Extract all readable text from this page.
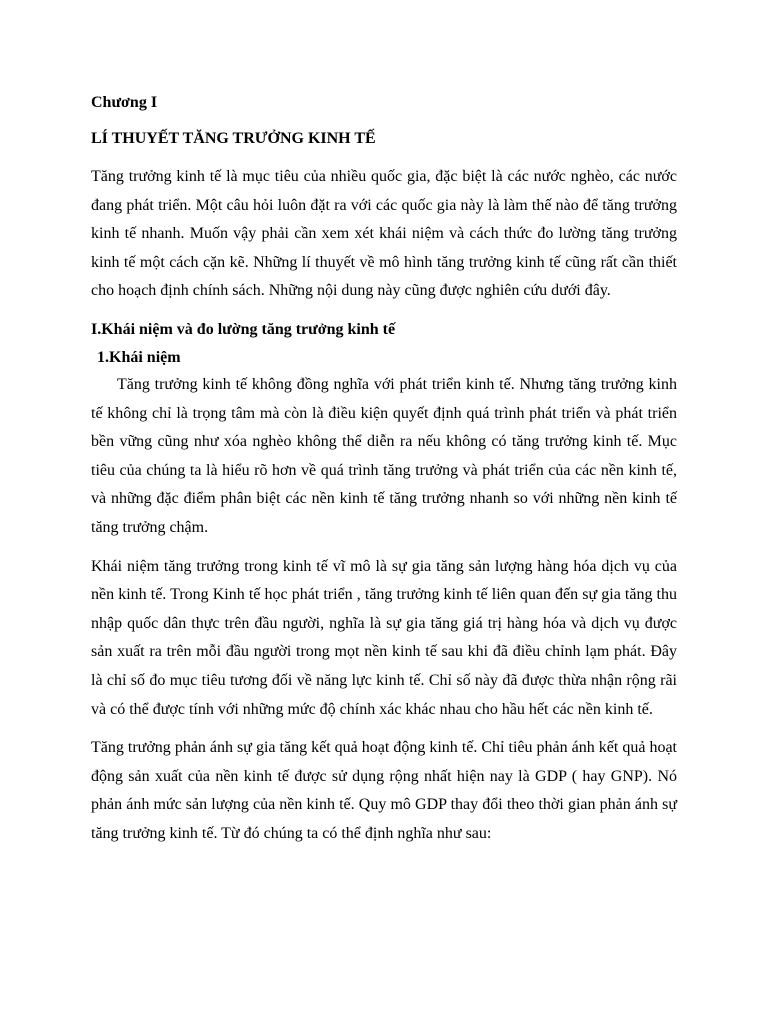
Chương I

LÍ THUYẾT TĂNG TRƯỞNG KINH TẾ

Tăng trưởng kinh tế là mục tiêu của nhiều quốc gia, đặc biệt là các nước nghèo, các nước đang phát triển. Một câu hỏi luôn đặt ra với các quốc gia này là làm thế nào để tăng trưởng kinh tế nhanh. Muốn vậy phải cần xem xét khái niệm và cách thức đo lường tăng trưởng kinh tế một cách cặn kẽ. Những lí thuyết về mô hình tăng trưởng kinh tế cũng rất cần thiết cho hoạch định chính sách. Những nội dung này cũng được nghiên cứu dưới đây.

I.Khái niệm và đo lường tăng trưởng kinh tế

1.Khái niệm

Tăng trưởng kinh tế không đồng nghĩa với phát triển kinh tế. Nhưng tăng trưởng kinh tế không chỉ là trọng tâm mà còn là điều kiện quyết định quá trình phát triển và phát triển bền vững cũng như xóa nghèo không thể diễn ra nếu không có tăng trưởng kinh tế. Mục tiêu của chúng ta là hiểu rõ hơn về quá trình tăng trưởng và phát triển của các nền kinh tế, và những đặc điểm phân biệt các nền kinh tế tăng trưởng nhanh so với những nền kinh tế tăng trưởng chậm.

Khái niệm tăng trưởng trong kinh tế vĩ mô là sự gia tăng sản lượng hàng hóa dịch vụ của nền kinh tế. Trong Kinh tế học phát triển , tăng trưởng kinh tế liên quan đến sự gia tăng thu nhập quốc dân thực trên đầu người, nghĩa là sự gia tăng giá trị hàng hóa và dịch vụ được sản xuất ra trên mỗi đầu người trong mọt nền kinh tế sau khi đã điều chỉnh lạm phát. Đây là chỉ số đo mục tiêu tương đối về năng lực kinh tế. Chỉ số này đã được thừa nhận rộng rãi và có thể được tính với những mức độ chính xác khác nhau cho hầu hết các nền kinh tế.

Tăng trưởng phản ánh sự gia tăng kết quả hoạt động kinh tế. Chỉ tiêu phản ánh kết quả hoạt động sản xuất của nền kinh tế được sử dụng rộng nhất hiện nay là GDP ( hay GNP). Nó phản ánh mức sản lượng của nền kinh tế. Quy mô GDP thay đổi theo thời gian phản ánh sự tăng trưởng kinh tế. Từ đó chúng ta có thể định nghĩa như sau:
